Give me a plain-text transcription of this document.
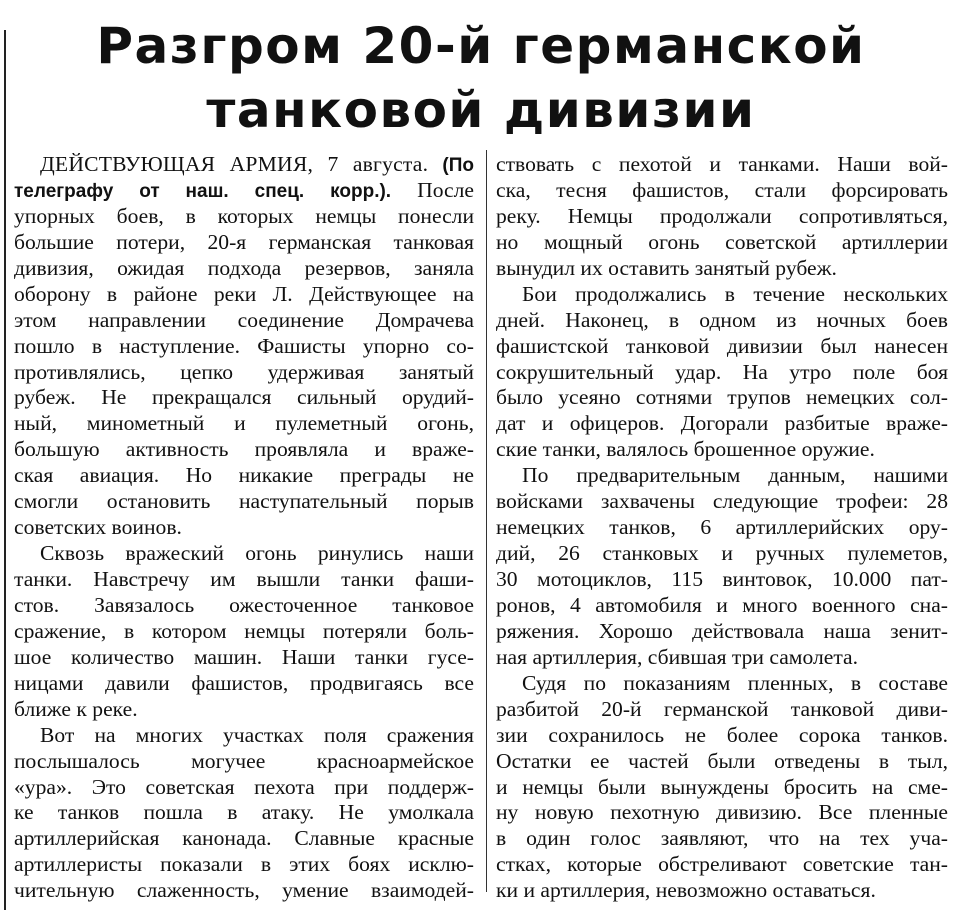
Разгром 20-й германской
танковой дивизии
ДЕЙСТВУЮЩАЯ АРМИЯ, 7 августа. (По
телеграфу от наш. спец. корр.). После
упорных боев, в которых немцы понесли
большие потери, 20-я германская танковая
дивизия, ожидая подхода резервов, заняла
оборону в районе реки Л. Действующее на
этом направлении соединение Домрачева
пошло в наступление. Фашисты упорно со-
противлялись, цепко удерживая занятый
рубеж. Не прекращался сильный орудий-
ный, минометный и пулеметный огонь,
большую активность проявляла и враже-
ская авиация. Но никакие преграды не
смогли остановить наступательный порыв
советских воинов.
Сквозь вражеский огонь ринулись наши
танки. Навстречу им вышли танки фаши-
стов. Завязалось ожесточенное танковое
сражение, в котором немцы потеряли боль-
шое количество машин. Наши танки гусе-
ницами давили фашистов, продвигаясь все
ближе к реке.
Вот на многих участках поля сражения
послышалось могучее красноармейское
«ура». Это советская пехота при поддерж-
ке танков пошла в атаку. Не умолкала
артиллерийская канонада. Славные красные
артиллеристы показали в этих боях исклю-
чительную слаженность, умение взаимодей-
ствовать с пехотой и танками. Наши вой-
ска, тесня фашистов, стали форсировать
реку. Немцы продолжали сопротивляться,
но мощный огонь советской артиллерии
вынудил их оставить занятый рубеж.
Бои продолжались в течение нескольких
дней. Наконец, в одном из ночных боев
фашистской танковой дивизии был нанесен
сокрушительный удар. На утро поле боя
было усеяно сотнями трупов немецких сол-
дат и офицеров. Догорали разбитые враже-
ские танки, валялось брошенное оружие.
По предварительным данным, нашими
войсками захвачены следующие трофеи: 28
немецких танков, 6 артиллерийских ору-
дий, 26 станковых и ручных пулеметов,
30 мотоциклов, 115 винтовок, 10.000 пат-
ронов, 4 автомобиля и много военного сна-
ряжения. Хорошо действовала наша зенит-
ная артиллерия, сбившая три самолета.
Судя по показаниям пленных, в составе
разбитой 20-й германской танковой диви-
зии сохранилось не более сорока танков.
Остатки ее частей были отведены в тыл,
и немцы были вынуждены бросить на сме-
ну новую пехотную дивизию. Все пленные
в один голос заявляют, что на тех уча-
стках, которые обстреливают советские тан-
ки и артиллерия, невозможно оставаться.
